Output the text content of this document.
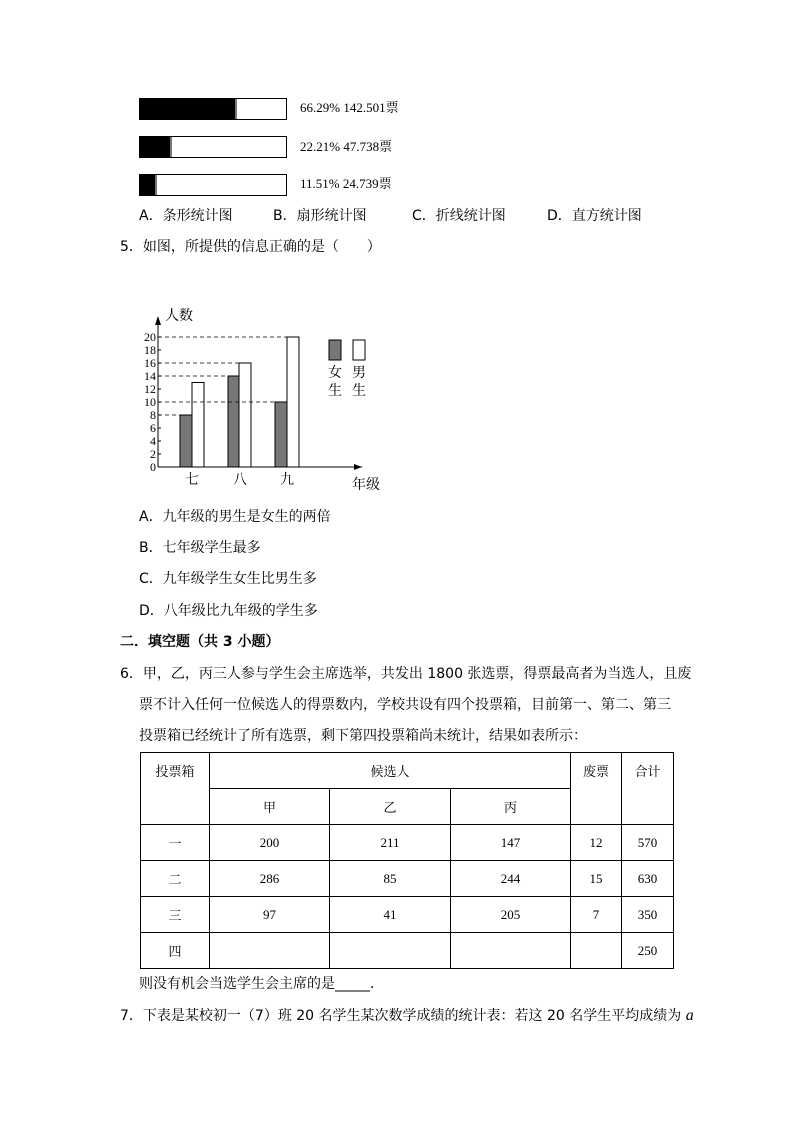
66.29% 142.501票
22.21% 47.738票
11.51% 24.739票
A．条形统计图	B．扇形统计图	C．折线统计图	D．直方统计图
5．如图，所提供的信息正确的是（　　）
人数
年级
0
2
4
6
8
10
12
14
16
18
20
七 八 九
女
生
男
生
A．九年级的男生是女生的两倍
B．七年级学生最多
C．九年级学生女生比男生多
D．八年级比九年级的学生多
二．填空题（共 3 小题）
6．甲，乙，丙三人参与学生会主席选举，共发出 1800 张选票，得票最高者为当选人，且废
票不计入任何一位候选人的得票数内，学校共设有四个投票箱，目前第一、第二、第三
投票箱已经统计了所有选票，剩下第四投票箱尚未统计，结果如表所示：
投票箱	候选人			废票	合计
	甲	乙	丙		
一	200	211	147	12	570
二	286	85	244	15	630
三	97	41	205	7	350
四					250
则没有机会当选学生会主席的是_____．
7．下表是某校初一（7）班 20 名学生某次数学成绩的统计表：若这 20 名学生平均成绩为 a
